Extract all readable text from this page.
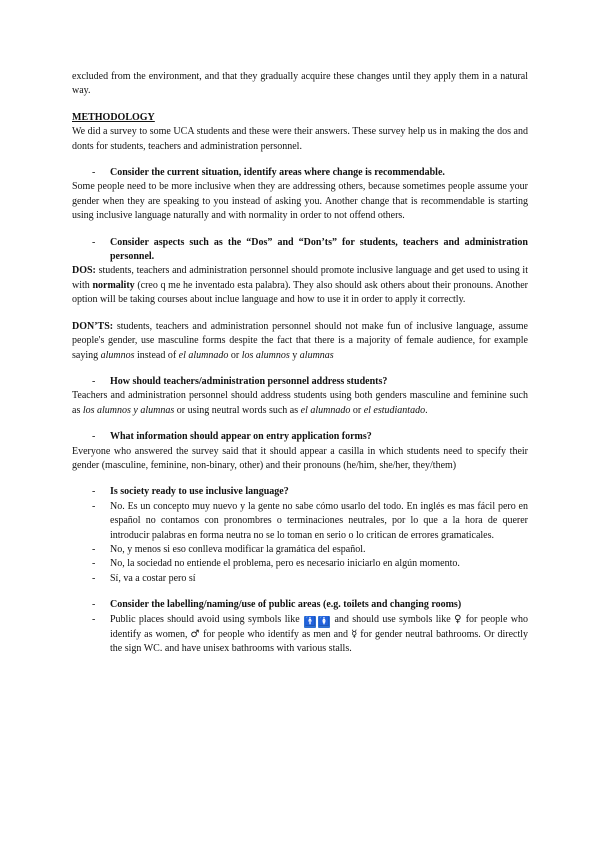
excluded from the environment, and that they gradually acquire these changes until they apply them in a natural way.

METHODOLOGY

We did a survey to some UCA students and these were their answers. These survey help us in making the dos and donts for students, teachers and administration personnel.

-	Consider the current situation, identify areas where change is recommendable.

Some people need to be more inclusive when they are addressing others, because sometimes people assume your gender when they are speaking to you instead of asking you. Another change that is recommendable is starting using inclusive language naturally and with normality in order to not offend others.

-	Consider aspects such as the “Dos” and “Don’ts” for students, teachers and administration personnel.

DOS: students, teachers and administration personnel should promote inclusive language and get used to using it with normality (creo q me he inventado esta palabra). They also should ask others about their pronouns. Another option will be taking courses about inclue language and how to use it in order to apply it correctly.

DON’TS: students, teachers and administration personnel should not make fun of inclusive language, assume people's gender, use masculine forms despite the fact that there is a majority of female audience, for example saying alumnos instead of el alumnado or los alumnos y alumnas

-	How should teachers/administration personnel address students?

Teachers and administration personnel should address students using both genders masculine and feminine such as los alumnos y alumnas or using neutral words such as el alumnado or el estudiantado.

-	What information should appear on entry application forms?

Everyone who answered the survey said that it should appear a casilla in which students need to specify their gender (masculine, feminine, non-binary, other) and their pronouns (he/him, she/her, they/them)

-	Is society ready to use inclusive language?
-	No. Es un concepto muy nuevo y la gente no sabe cómo usarlo del todo. En inglés es mas fácil pero en español no contamos con pronombres o terminaciones neutrales, por lo que a la hora de querer introducir palabras en forma neutra no se lo toman en serio o lo critican de errores gramaticales.
-	No, y menos si eso conlleva modificar la gramática del español.
-	No, la sociedad no entiende el problema, pero es necesario iniciarlo en algún momento.
-	Sí, va a costar pero sí
-	Consider the labelling/naming/use of public areas (e.g. toilets and changing rooms)
-	Public places should avoid using symbols like 🚹 🚺 and should use symbols like ♀ for people who identify as women, ♂ for people who identify as men and ☿ for gender neutral bathrooms. Or directly the sign WC. and have unisex bathrooms with various stalls.
